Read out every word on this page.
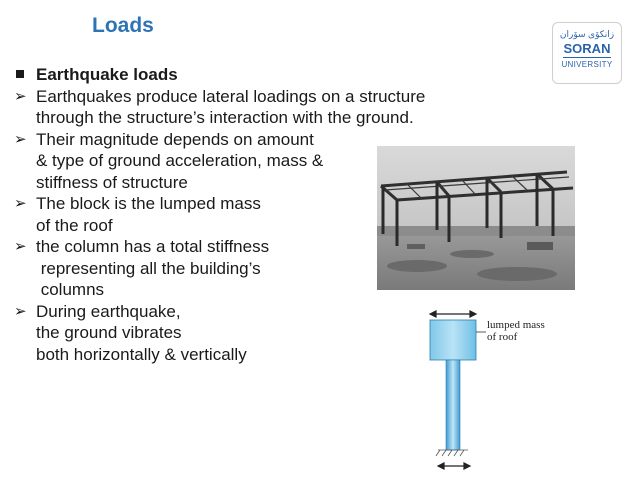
Loads	زانكۆی سۆران
SORAN
UNIVERSITY
Earthquake loads
➢ Earthquakes produce lateral loadings on a structure
through the structure’s interaction with the ground.
➢ Their magnitude depends on amount
& type of ground acceleration, mass &
stiffness of structure
➢ The block is the lumped mass
of the roof
➢ the column has a total stiffness
representing all the building’s
columns
➢ During earthquake,
the ground vibrates
both horizontally & vertically
lumped mass
of roof
